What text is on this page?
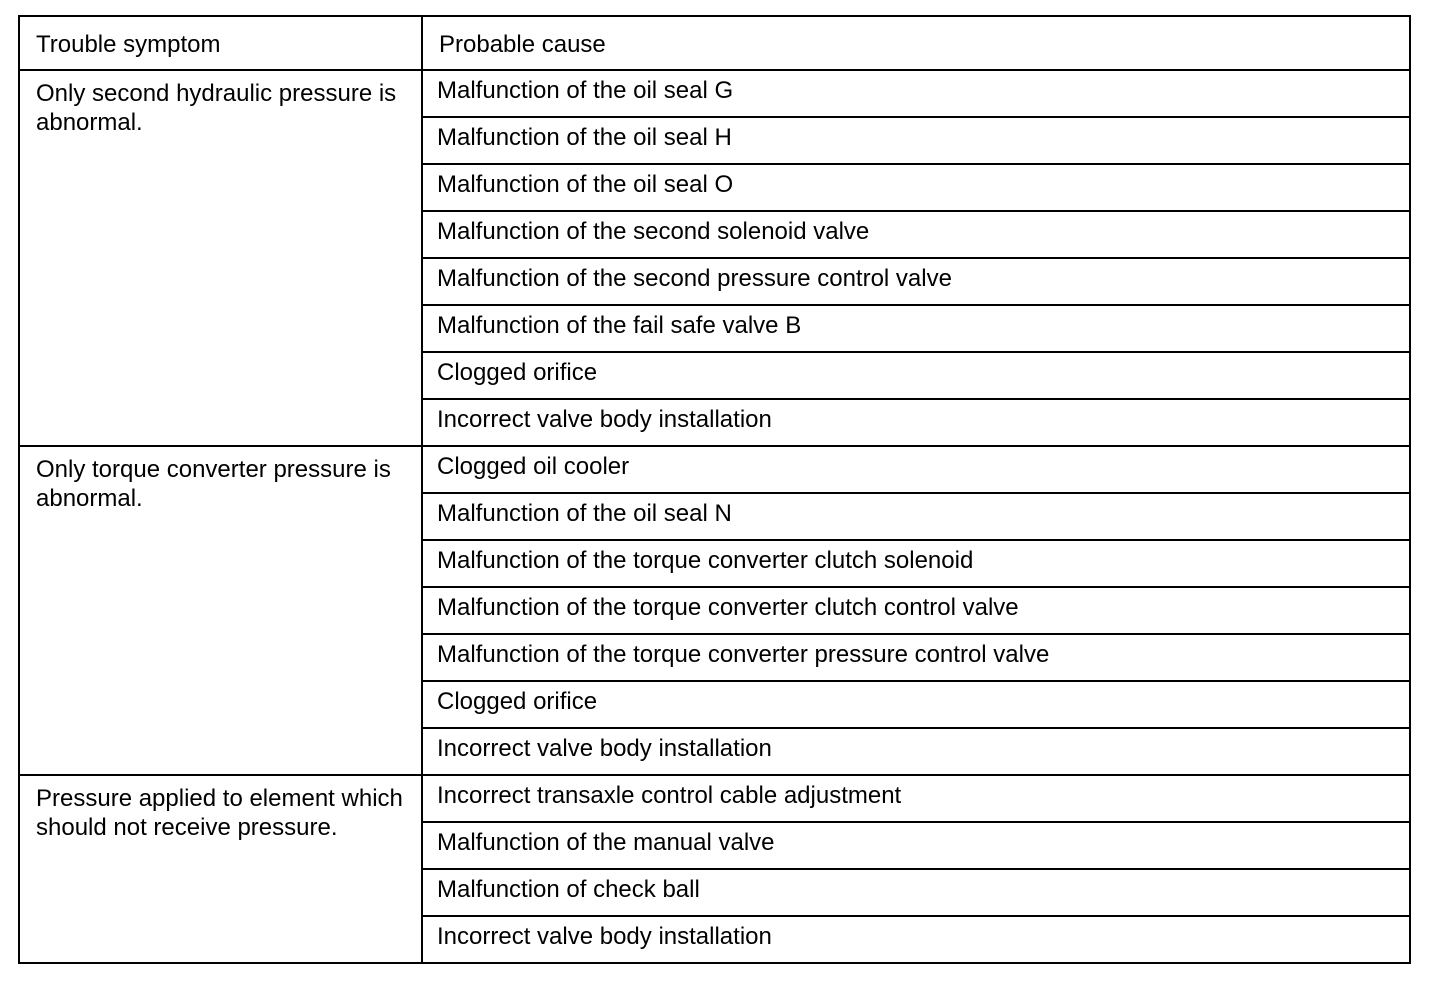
Trouble symptom	Probable cause
Only second hydraulic pressure is abnormal.	Malfunction of the oil seal G
	Malfunction of the oil seal H
	Malfunction of the oil seal O
	Malfunction of the second solenoid valve
	Malfunction of the second pressure control valve
	Malfunction of the fail safe valve B
	Clogged orifice
	Incorrect valve body installation
Only torque converter pressure is abnormal.	Clogged oil cooler
	Malfunction of the oil seal N
	Malfunction of the torque converter clutch solenoid
	Malfunction of the torque converter clutch control valve
	Malfunction of the torque converter pressure control valve
	Clogged orifice
	Incorrect valve body installation
Pressure applied to element which should not receive pressure.	Incorrect transaxle control cable adjustment
	Malfunction of the manual valve
	Malfunction of check ball
	Incorrect valve body installation
